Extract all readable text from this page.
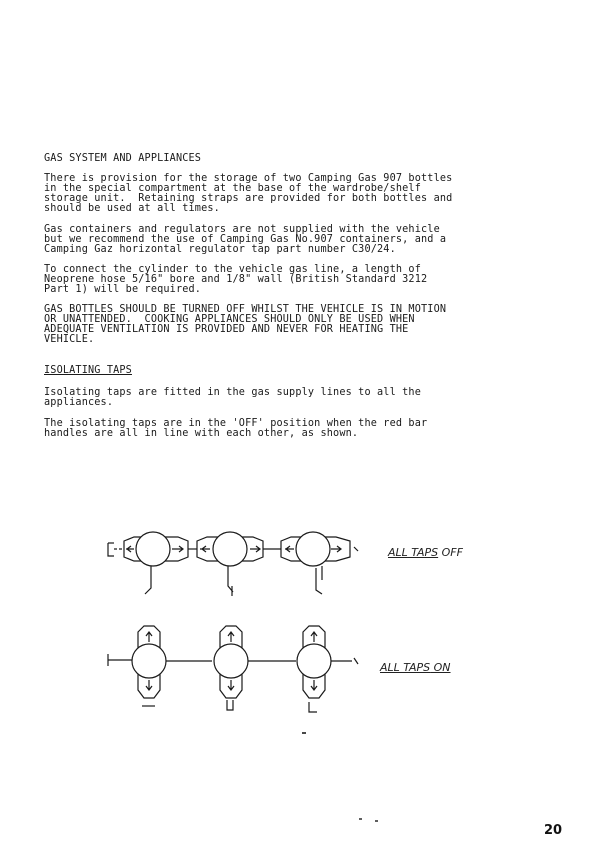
GAS SYSTEM AND APPLIANCES
There is provision for the storage of two Camping Gas 907 bottles
in the special compartment at the base of the wardrobe/shelf
storage unit.  Retaining straps are provided for both bottles and
should be used at all times.
Gas containers and regulators are not supplied with the vehicle
but we recommend the use of Camping Gas No.907 containers, and a
Camping Gaz horizontal regulator tap part number C30/24.
To connect the cylinder to the vehicle gas line, a length of
Neoprene hose 5/16" bore and 1/8" wall (British Standard 3212
Part 1) will be required.
GAS BOTTLES SHOULD BE TURNED OFF WHILST THE VEHICLE IS IN MOTION
OR UNATTENDED.  COOKING APPLIANCES SHOULD ONLY BE USED WHEN
ADEQUATE VENTILATION IS PROVIDED AND NEVER FOR HEATING THE
VEHICLE.
ISOLATING TAPS
Isolating taps are fitted in the gas supply lines to all the
appliances.
The isolating taps are in the 'OFF' position when the red bar
handles are all in line with each other, as shown.
ALL TAPS OFF
ALL TAPS ON
20
